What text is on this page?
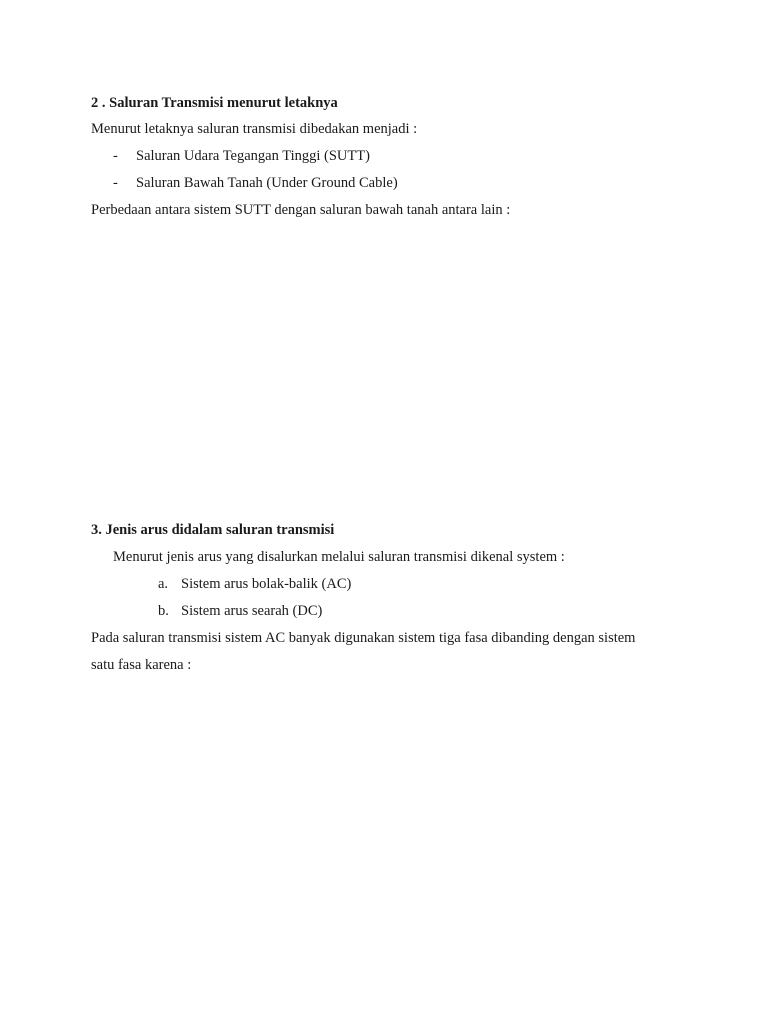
2 . Saluran Transmisi menurut letaknya
Menurut letaknya saluran transmisi dibedakan menjadi :
- Saluran Udara Tegangan Tinggi (SUTT)
- Saluran Bawah Tanah (Under Ground Cable)
Perbedaan antara sistem SUTT dengan saluran bawah tanah antara lain :
3. Jenis arus didalam saluran transmisi
Menurut jenis arus yang disalurkan melalui saluran transmisi dikenal system :
a. Sistem arus bolak-balik (AC)
b. Sistem arus searah (DC)
Pada saluran transmisi sistem AC banyak digunakan sistem tiga fasa dibanding dengan sistem
satu fasa karena :
